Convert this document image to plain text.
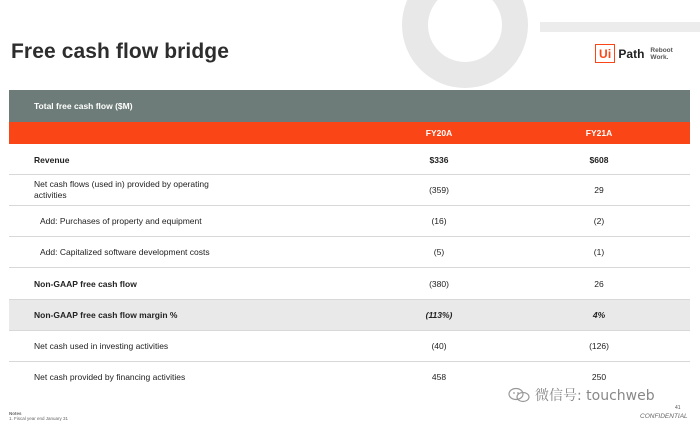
Free cash flow bridge	Ui Path Reboot
Work.
Total free cash flow ($M)
FY20A	FY21A
Revenue	$336	$608
Net cash flows (used in) provided by operating
activities	(359)	29
Add: Purchases of property and equipment	(16)	(2)
Add: Capitalized software development costs	(5)	(1)
Non-GAAP free cash flow	(380)	26
Non-GAAP free cash flow margin %	(113%)	4%
Net cash used in investing activities	(40)	(126)
Net cash provided by financing activities	458	250
Notes
1. Fiscal year end January 31
41
CONFIDENTIAL
微信号: touchweb
